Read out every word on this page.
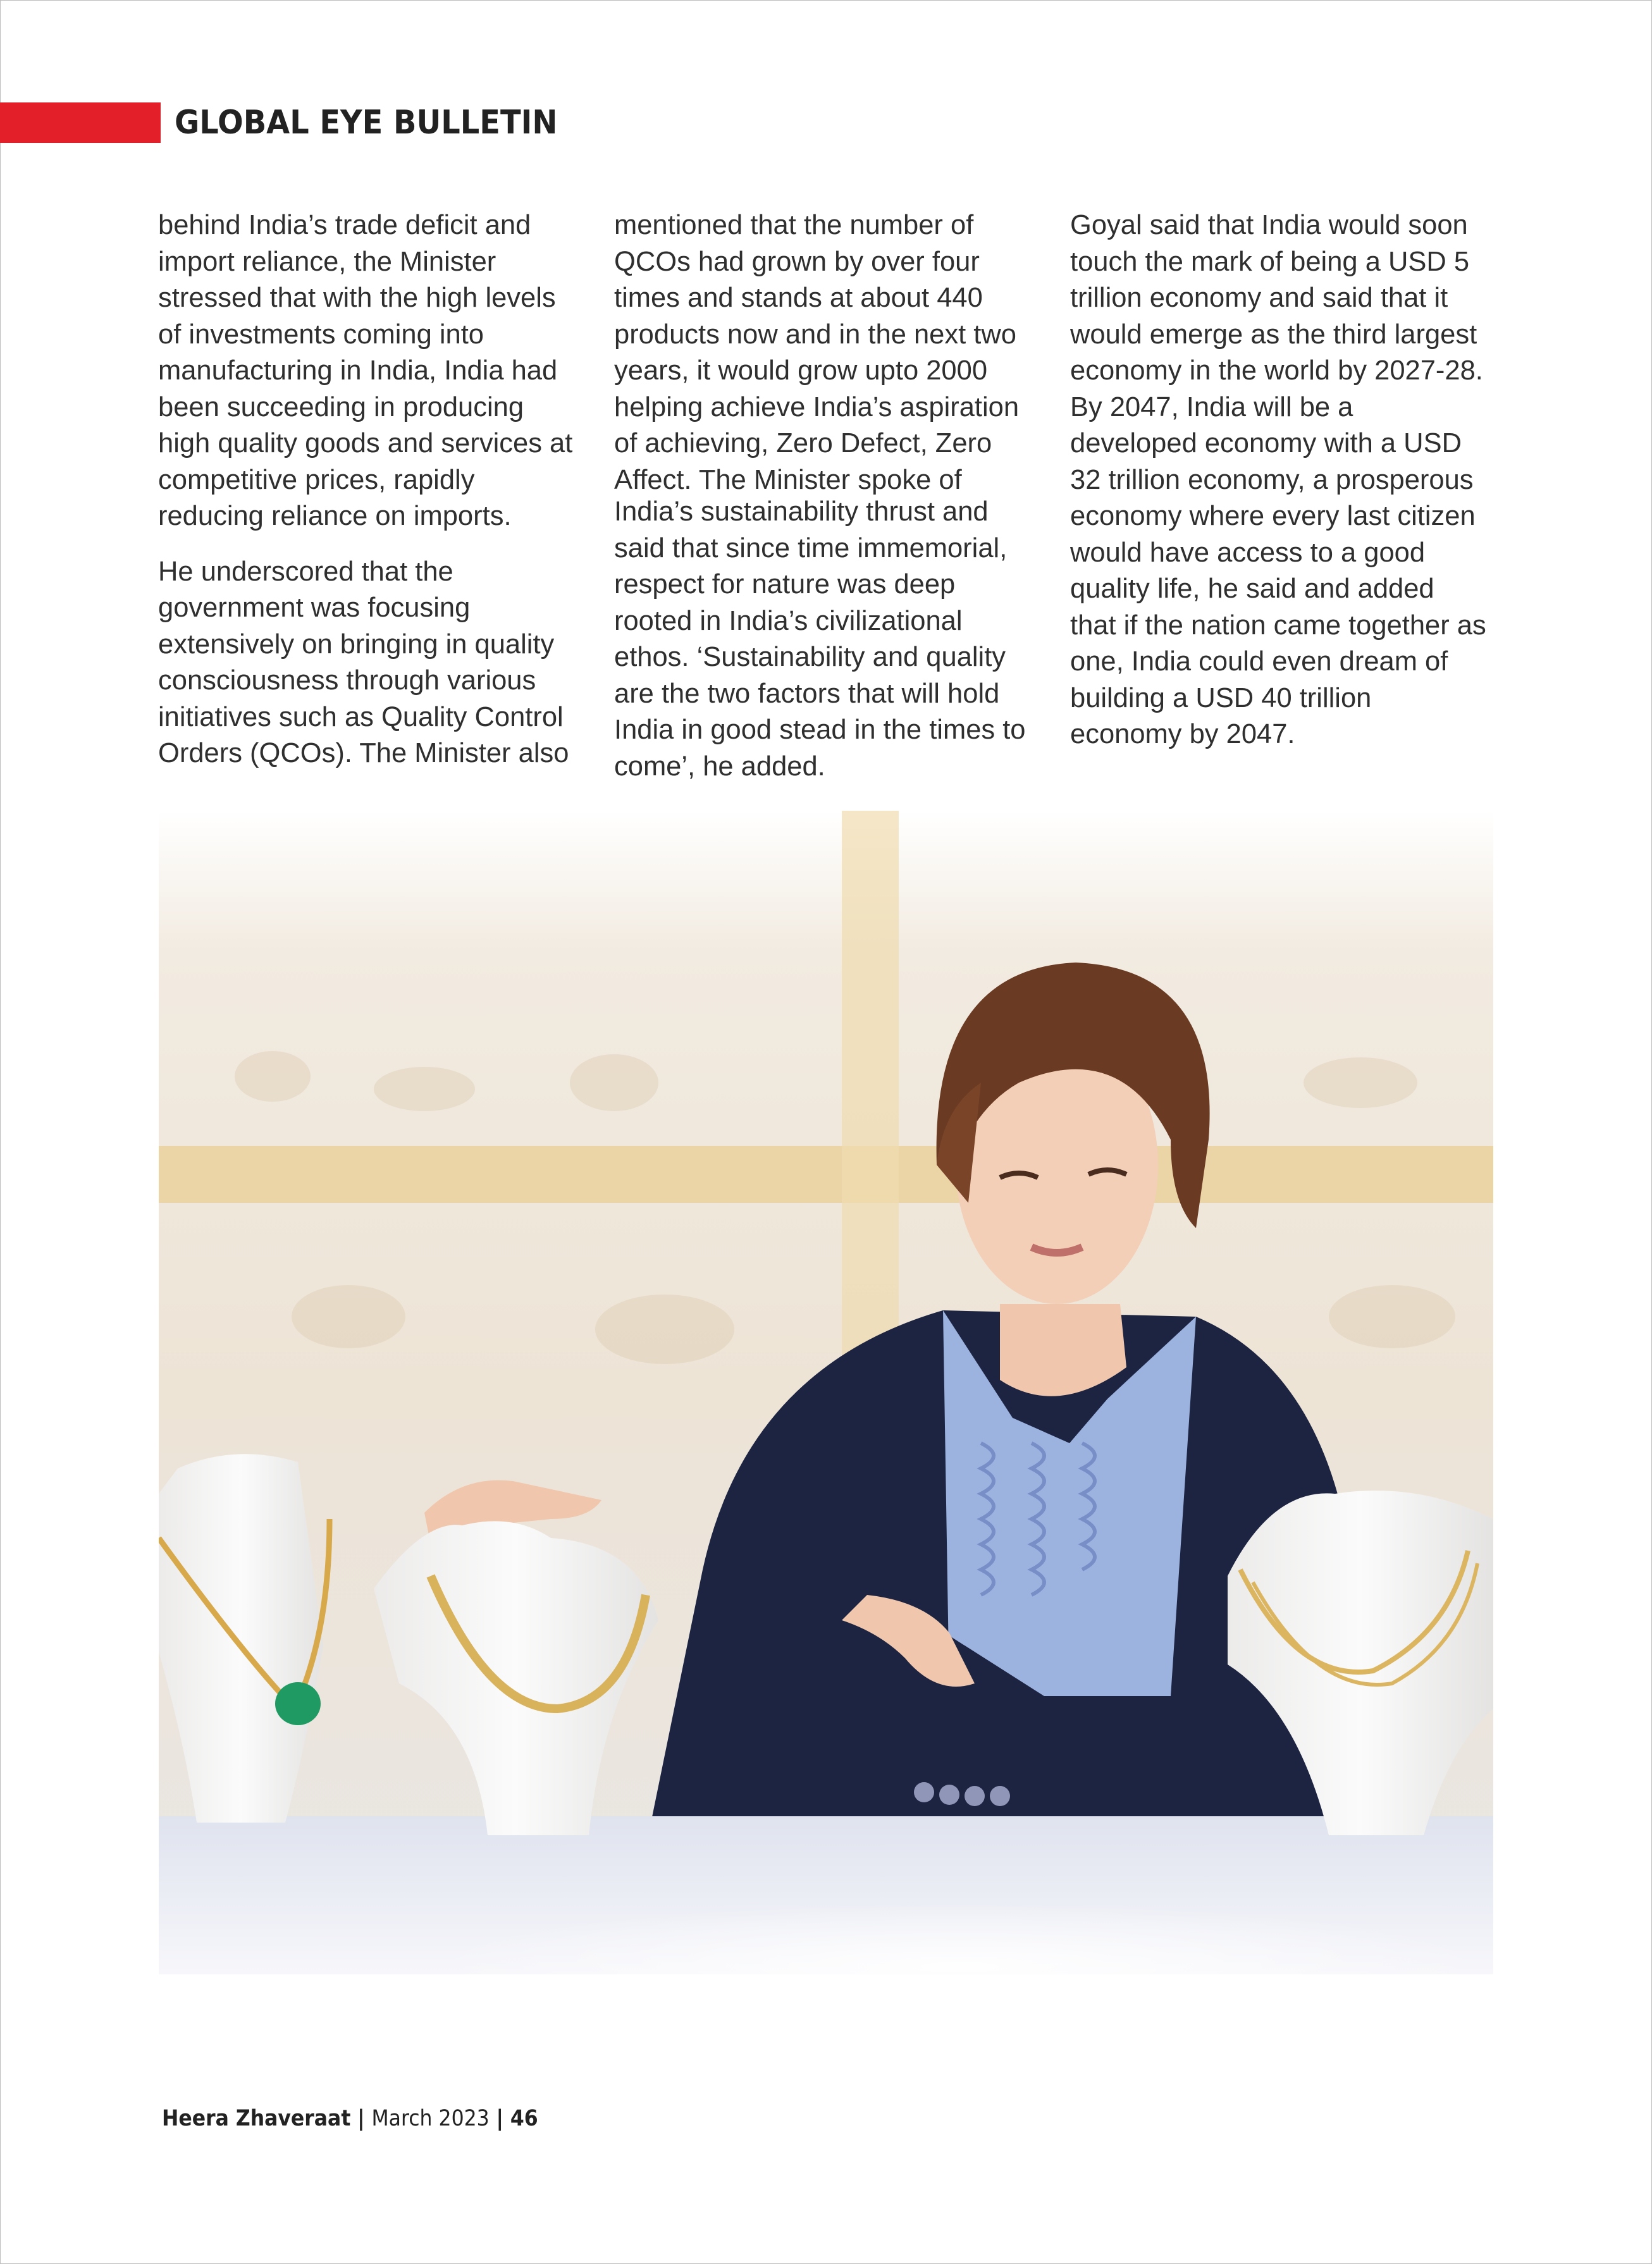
GLOBAL EYE BULLETIN

behind India’s trade deficit and import reliance, the Minister stressed that with the high levels of investments coming into manufacturing in India, India had been succeeding in producing high quality goods and services at competitive prices, rapidly reducing reliance on imports.

He underscored that the government was focusing extensively on bringing in quality consciousness through various initiatives such as Quality Control Orders (QCOs). The Minister also

mentioned that the number of QCOs had grown by over four times and stands at about 440 products now and in the next two years, it would grow upto 2000 helping achieve India’s aspiration of achieving, Zero Defect, Zero Affect. The Minister spoke of

India’s sustainability thrust and said that since time immemorial, respect for nature was deep rooted in India’s civilizational ethos. ‘Sustainability and quality are the two factors that will hold India in good stead in the times to come’, he added.

Goyal said that India would soon touch the mark of being a USD 5 trillion economy and said that it would emerge as the third largest economy in the world by 2027-28. By 2047, India will be a developed economy with a USD 32 trillion economy, a prosperous economy where every last citizen would have access to a good quality life, he said and added that if the nation came together as one, India could even dream of building a USD 40 trillion economy by 2047.

Heera Zhaveraat | March 2023 | 46
